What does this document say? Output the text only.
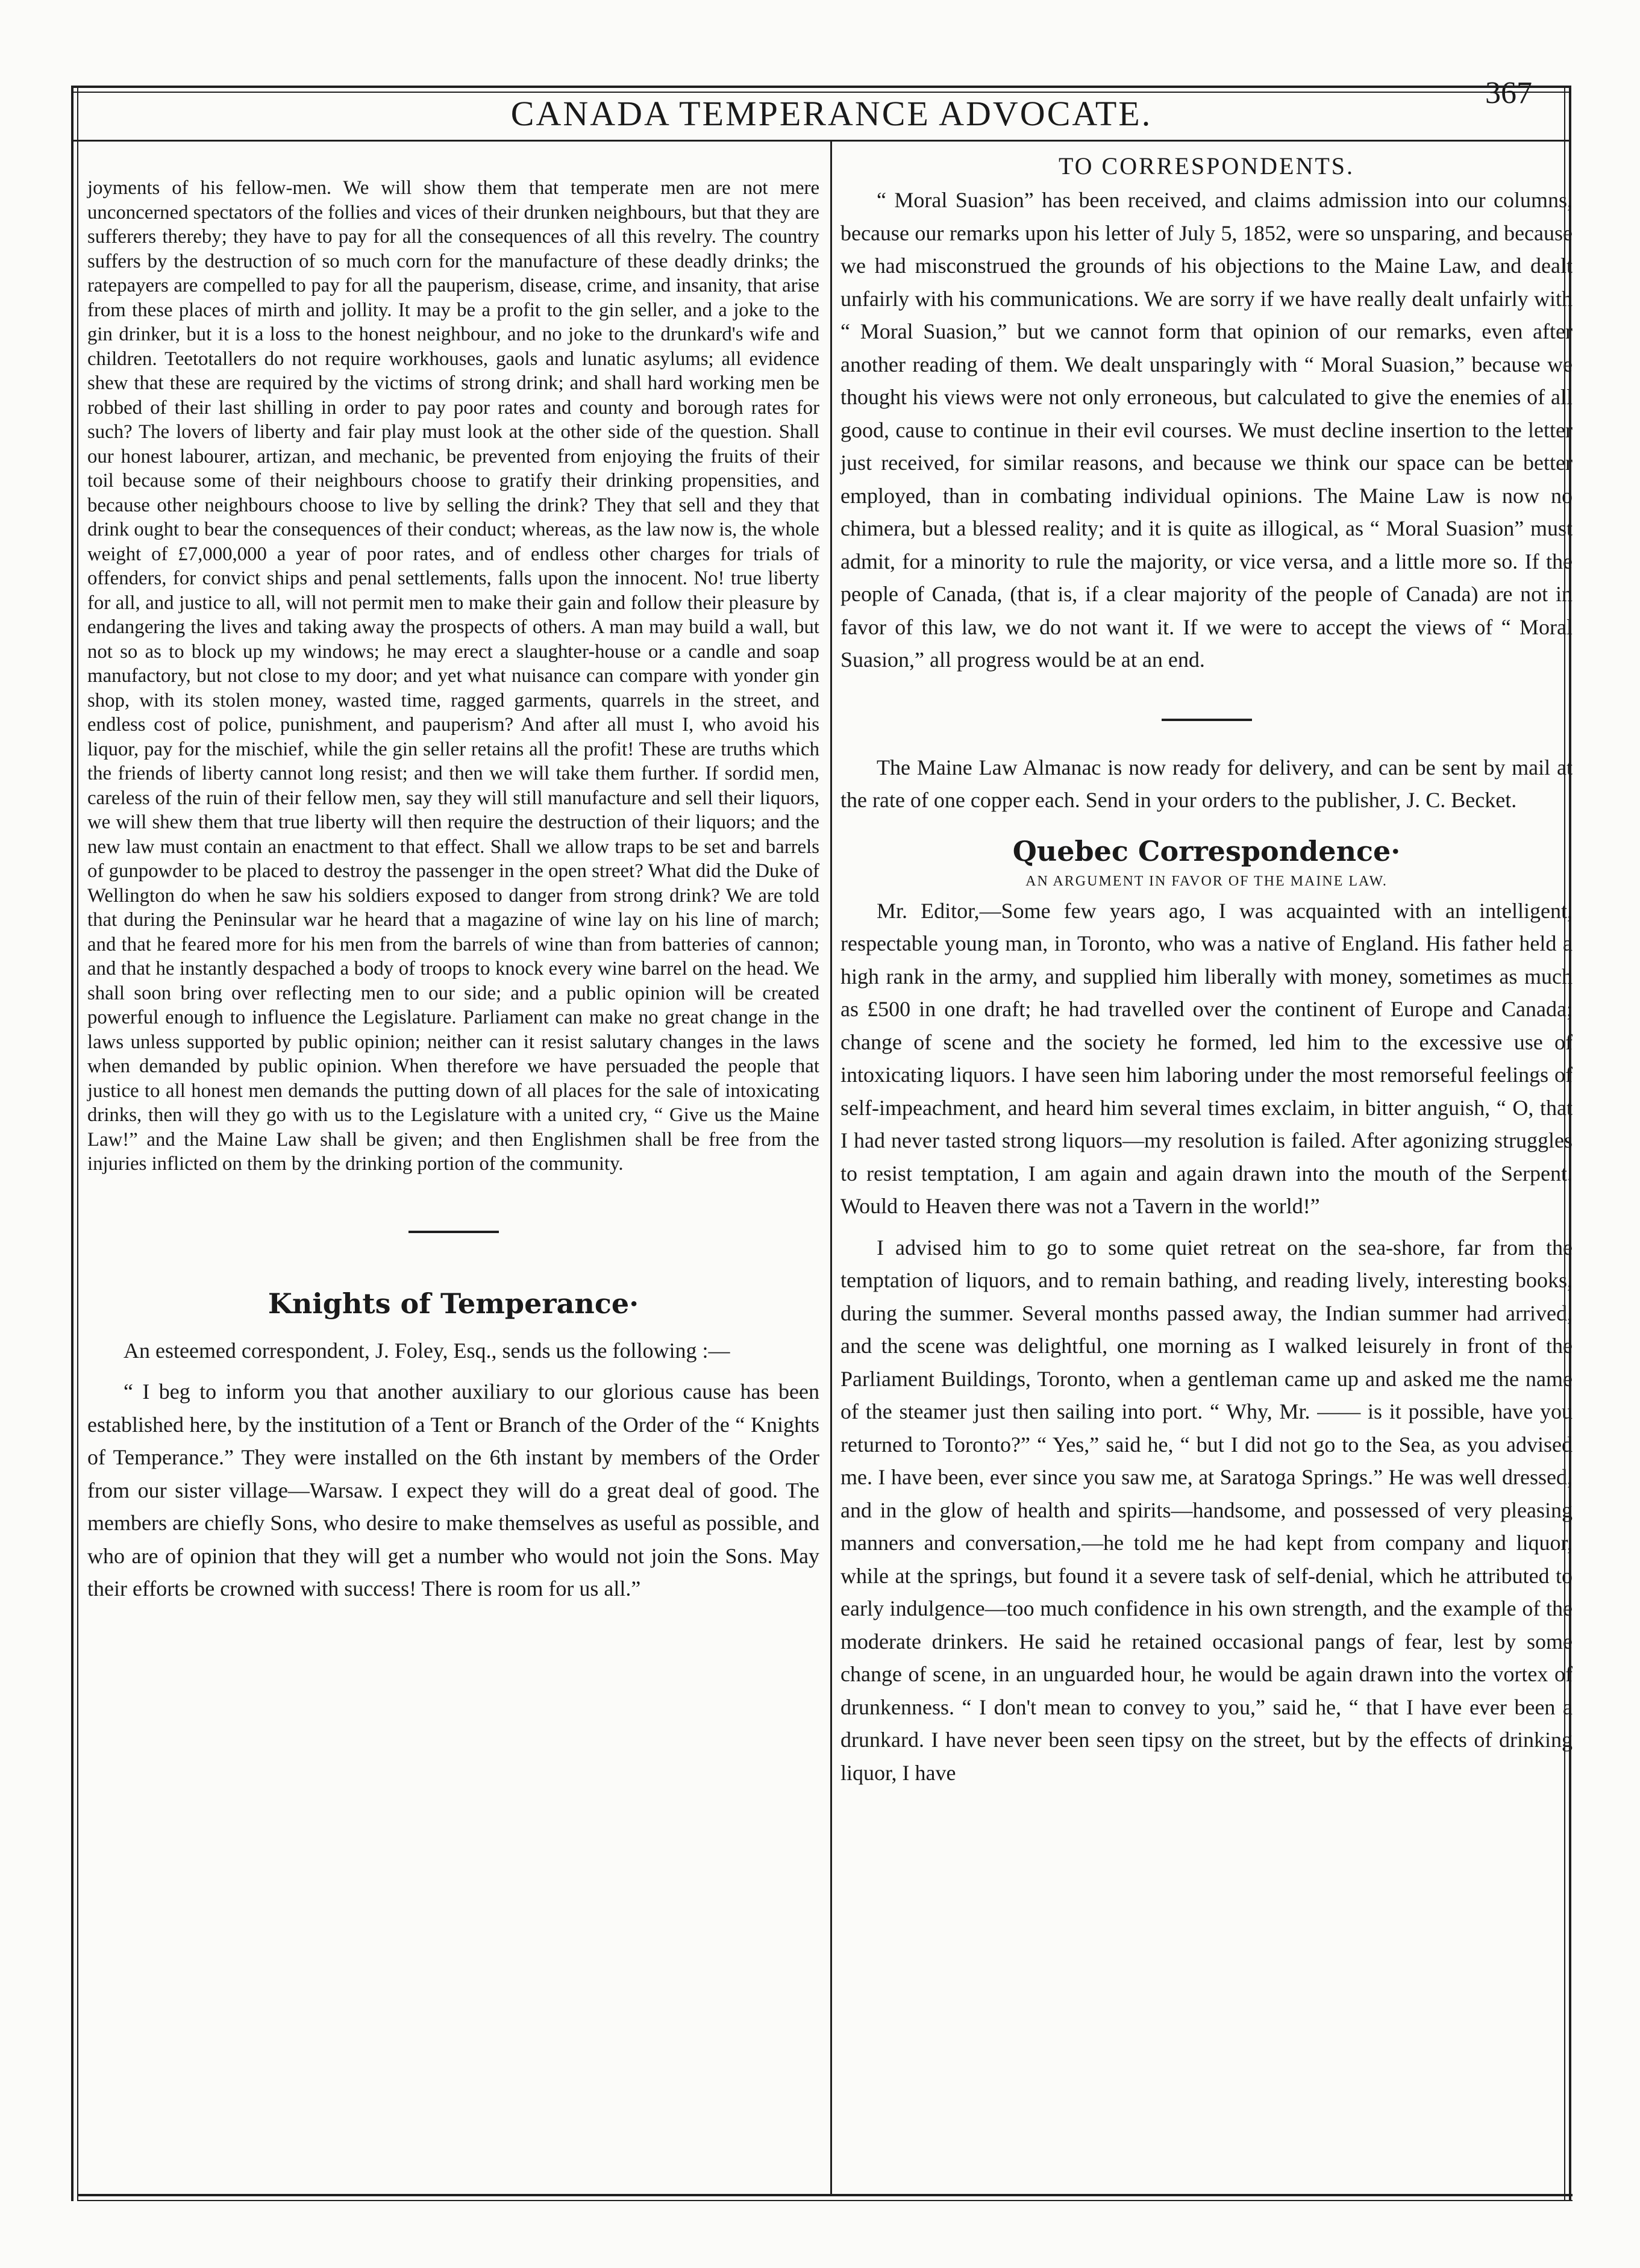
CANADA TEMPERANCE ADVOCATE.
367

joyments of his fellow-men. We will show them that temperate men are not mere unconcerned spectators of the follies and vices of their drunken neighbours, but that they are sufferers thereby; they have to pay for all the consequences of all this revelry. The country suffers by the destruction of so much corn for the manufacture of these deadly drinks; the ratepayers are compelled to pay for all the pauperism, disease, crime, and insanity, that arise from these places of mirth and jollity. It may be a profit to the gin seller, and a joke to the gin drinker, but it is a loss to the honest neighbour, and no joke to the drunkard's wife and children. Teetotallers do not require workhouses, gaols and lunatic asylums; all evidence shew that these are required by the victims of strong drink; and shall hard working men be robbed of their last shilling in order to pay poor rates and county and borough rates for such? The lovers of liberty and fair play must look at the other side of the question. Shall our honest labourer, artizan, and mechanic, be prevented from enjoying the fruits of their toil because some of their neighbours choose to gratify their drinking propensities, and because other neighbours choose to live by selling the drink? They that sell and they that drink ought to bear the consequences of their conduct; whereas, as the law now is, the whole weight of £7,000,000 a year of poor rates, and of endless other charges for trials of offenders, for convict ships and penal settlements, falls upon the innocent. No! true liberty for all, and justice to all, will not permit men to make their gain and follow their pleasure by endangering the lives and taking away the prospects of others. A man may build a wall, but not so as to block up my windows; he may erect a slaughter-house or a candle and soap manufactory, but not close to my door; and yet what nuisance can compare with yonder gin shop, with its stolen money, wasted time, ragged garments, quarrels in the street, and endless cost of police, punishment, and pauperism? And after all must I, who avoid his liquor, pay for the mischief, while the gin seller retains all the profit! These are truths which the friends of liberty cannot long resist; and then we will take them further. If sordid men, careless of the ruin of their fellow men, say they will still manufacture and sell their liquors, we will shew them that true liberty will then require the destruction of their liquors; and the new law must contain an enactment to that effect. Shall we allow traps to be set and barrels of gunpowder to be placed to destroy the passenger in the open street? What did the Duke of Wellington do when he saw his soldiers exposed to danger from strong drink? We are told that during the Peninsular war he heard that a magazine of wine lay on his line of march; and that he feared more for his men from the barrels of wine than from batteries of cannon; and that he instantly despached a body of troops to knock every wine barrel on the head. We shall soon bring over reflecting men to our side; and a public opinion will be created powerful enough to influence the Legislature. Parliament can make no great change in the laws unless supported by public opinion; neither can it resist salutary changes in the laws when demanded by public opinion. When therefore we have persuaded the people that justice to all honest men demands the putting down of all places for the sale of intoxicating drinks, then will they go with us to the Legislature with a united cry, “ Give us the Maine Law!” and the Maine Law shall be given; and then Englishmen shall be free from the injuries inflicted on them by the drinking portion of the community.

Knights of Temperance·

An esteemed correspondent, J. Foley, Esq., sends us the following :—

“ I beg to inform you that another auxiliary to our glorious cause has been established here, by the institution of a Tent or Branch of the Order of the “ Knights of Temperance.” They were installed on the 6th instant by members of the Order from our sister village—Warsaw. I expect they will do a great deal of good. The members are chiefly Sons, who desire to make themselves as useful as possible, and who are of opinion that they will get a number who would not join the Sons. May their efforts be crowned with success! There is room for us all.”

TO CORRESPONDENTS.

“ Moral Suasion” has been received, and claims admission into our columns, because our remarks upon his letter of July 5, 1852, were so unsparing, and because we had misconstrued the grounds of his objections to the Maine Law, and dealt unfairly with his communications. We are sorry if we have really dealt unfairly with “ Moral Suasion,” but we cannot form that opinion of our remarks, even after another reading of them. We dealt unsparingly with “ Moral Suasion,” because we thought his views were not only erroneous, but calculated to give the enemies of all good, cause to continue in their evil courses. We must decline insertion to the letter just received, for similar reasons, and because we think our space can be better employed, than in combating individual opinions. The Maine Law is now no chimera, but a blessed reality; and it is quite as illogical, as “ Moral Suasion” must admit, for a minority to rule the majority, or vice versa, and a little more so. If the people of Canada, (that is, if a clear majority of the people of Canada) are not in favor of this law, we do not want it. If we were to accept the views of “ Moral Suasion,” all progress would be at an end.

The Maine Law Almanac is now ready for delivery, and can be sent by mail at the rate of one copper each. Send in your orders to the publisher, J. C. Becket.

Quebec Correspondence·
AN ARGUMENT IN FAVOR OF THE MAINE LAW.

Mr. Editor,—Some few years ago, I was acquainted with an intelligent, respectable young man, in Toronto, who was a native of England. His father held a high rank in the army, and supplied him liberally with money, sometimes as much as £500 in one draft; he had travelled over the continent of Europe and Canada; change of scene and the society he formed, led him to the excessive use of intoxicating liquors. I have seen him laboring under the most remorseful feelings of self-impeachment, and heard him several times exclaim, in bitter anguish, “ O, that I had never tasted strong liquors—my resolution is failed. After agonizing struggles to resist temptation, I am again and again drawn into the mouth of the Serpent. Would to Heaven there was not a Tavern in the world!”

I advised him to go to some quiet retreat on the sea-shore, far from the temptation of liquors, and to remain bathing, and reading lively, interesting books, during the summer. Several months passed away, the Indian summer had arrived, and the scene was delightful, one morning as I walked leisurely in front of the Parliament Buildings, Toronto, when a gentleman came up and asked me the name of the steamer just then sailing into port. “ Why, Mr. —— is it possible, have you returned to Toronto?” “ Yes,” said he, “ but I did not go to the Sea, as you advised me. I have been, ever since you saw me, at Saratoga Springs.” He was well dressed, and in the glow of health and spirits—handsome, and possessed of very pleasing manners and conversation,—he told me he had kept from company and liquor, while at the springs, but found it a severe task of self-denial, which he attributed to early indulgence—too much confidence in his own strength, and the example of the moderate drinkers. He said he retained occasional pangs of fear, lest by some change of scene, in an unguarded hour, he would be again drawn into the vortex of drunkenness. “ I don't mean to convey to you,” said he, “ that I have ever been a drunkard. I have never been seen tipsy on the street, but by the effects of drinking liquor, I have
